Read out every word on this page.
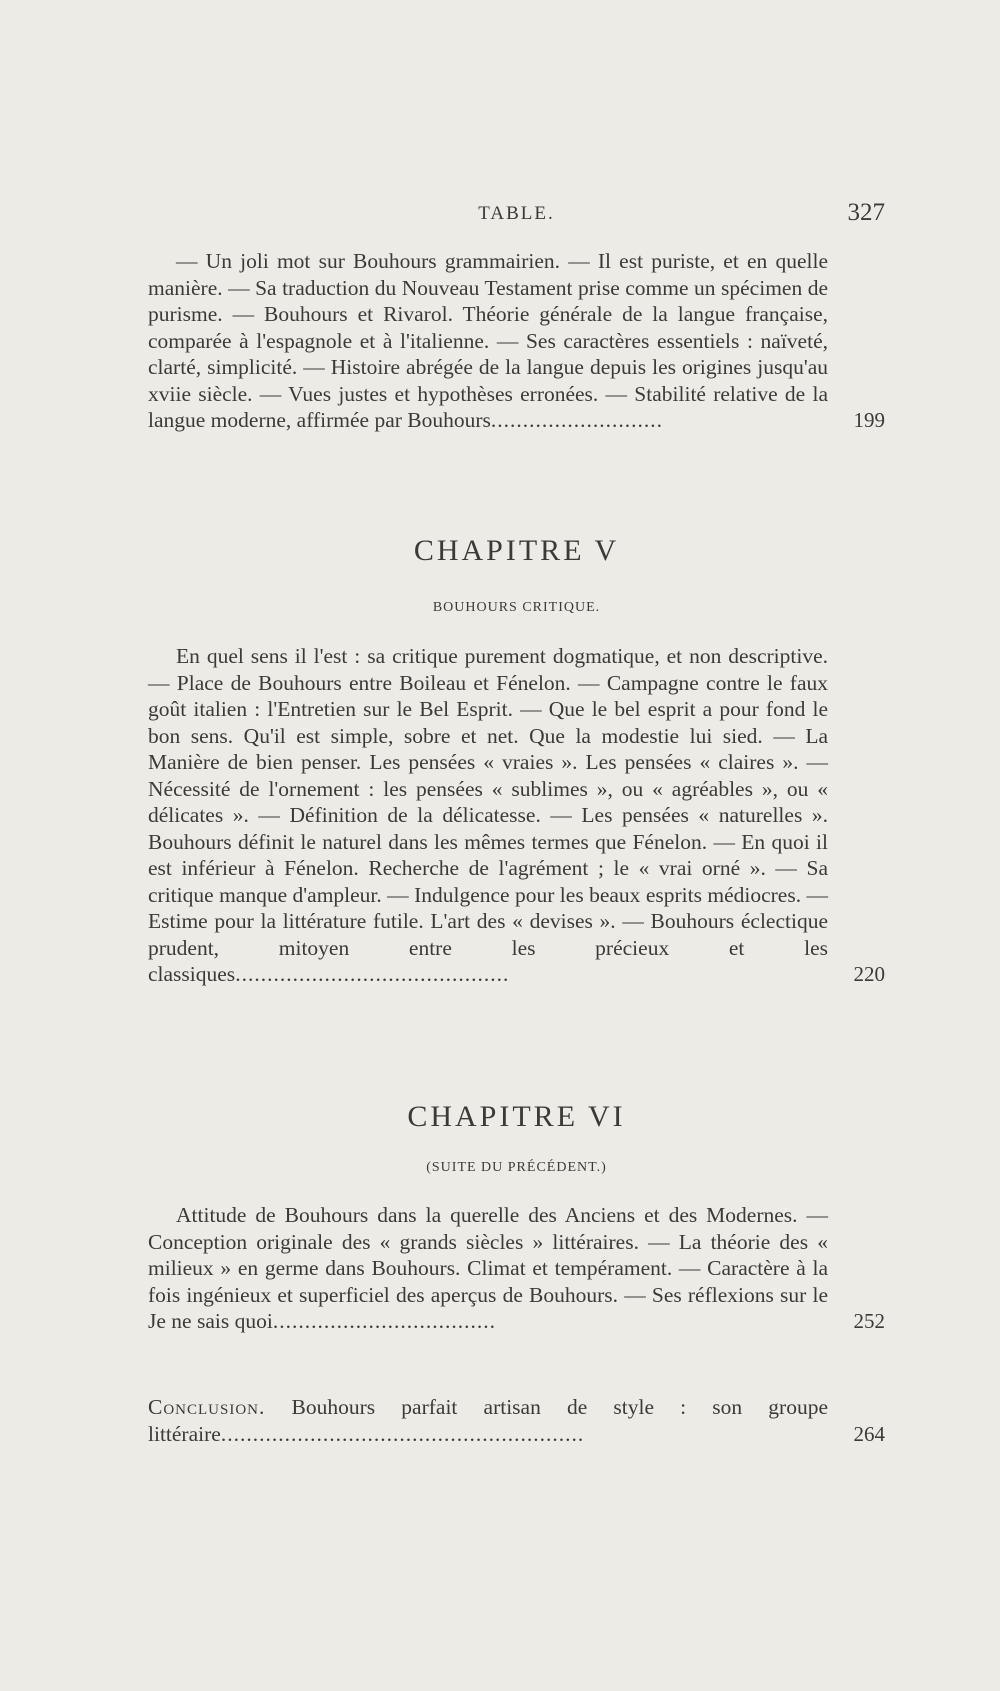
TABLE.	327
— Un joli mot sur Bouhours grammairien. — Il est puriste, et en quelle manière. — Sa traduction du Nouveau Testament prise comme un spécimen de purisme. — Bouhours et Rivarol. Théorie générale de la langue française, comparée à l'espagnole et à l'italienne. — Ses caractères essentiels : naïveté, clarté, simplicité. — Histoire abrégée de la langue depuis les origines jusqu'au xviie siècle. — Vues justes et hypothèses erronées. — Stabilité relative de la langue moderne, affirmée par Bouhours...........................	199
CHAPITRE V
BOUHOURS CRITIQUE.
En quel sens il l'est : sa critique purement dogmatique, et non descriptive. — Place de Bouhours entre Boileau et Fénelon. — Campagne contre le faux goût italien : l'Entretien sur le Bel Esprit. — Que le bel esprit a pour fond le bon sens. Qu'il est simple, sobre et net. Que la modestie lui sied. — La Manière de bien penser. Les pensées « vraies ». Les pensées « claires ». — Nécessité de l'ornement : les pensées « sublimes », ou « agréables », ou « délicates ». — Définition de la délicatesse. — Les pensées « naturelles ». Bouhours définit le naturel dans les mêmes termes que Fénelon. — En quoi il est inférieur à Fénelon. Recherche de l'agrément ; le « vrai orné ». — Sa critique manque d'ampleur. — Indulgence pour les beaux esprits médiocres. — Estime pour la littérature futile. L'art des « devises ». — Bouhours éclectique prudent, mitoyen entre les précieux et les classiques...........................................	220
CHAPITRE VI
(SUITE DU PRÉCÉDENT.)
Attitude de Bouhours dans la querelle des Anciens et des Modernes. — Conception originale des « grands siècles » littéraires. — La théorie des « milieux » en germe dans Bouhours. Climat et tempérament. — Caractère à la fois ingénieux et superficiel des aperçus de Bouhours. — Ses réflexions sur le Je ne sais quoi...................................	252
Conclusion. Bouhours parfait artisan de style : son groupe littéraire.........................................................	264
